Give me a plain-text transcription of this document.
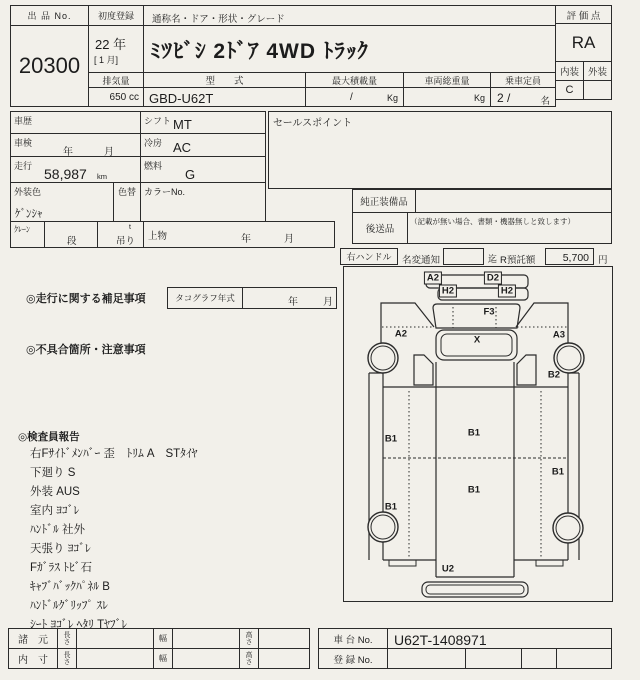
出 品 No.
20300
初度登録
22 年
[ 1 月]
通称名・ドア・形状・グレード
ﾐﾂﾋﾞｼ 2ﾄﾞｱ 4WD ﾄﾗｯｸ
評 価 点
RA
内装 外装
C
排気量
650 cc
型　　式
GBD-U62T
最大積載量
/	Kg
車両総重量
Kg
乗車定員
2 /	名
車歴	シフト MT
車検
年	月
冷房 AC
走行 58,987 km
燃料
G
外装色
ｹﾞﾝｼｬ
色替 カラーNo.
ｸﾚｰﾝ
段
t
吊り 上物	年	月
セールスポイント
純正装備品
後送品
（記載が無い場合、書類・機器無しと致します）
右ハンドル	名変通知	迄 R預託額	5,700 円
◎走行に関する補足事項	タコグラフ年式	年	月
◎不具合箇所・注意事項
◎検査員報告
右Fｻｲﾄﾞﾒﾝﾊﾞｰ 歪　ﾄﾘﾑ A　STﾀｲﾔ
下廻り S
外装 AUS
室内 ﾖｺﾞﾚ
ﾊﾝﾄﾞﾙ 社外
天張り ﾖｺﾞﾚ
Fｶﾞﾗｽ ﾄﾋﾞ石
ｷｬﾌﾞﾊﾞｯｸﾊﾟﾈﾙ B
ﾊﾝﾄﾞﾙｸﾞﾘｯﾌﾟ ｽﾚ
ｼｰﾄ ﾖｺﾞﾚ ﾍﾀﾘ Tﾔﾌﾞﾚ
A2	D2
H2	H2
F3
X
A2	A3
B2
B1
B1
B1
B1
B1
U2
諸　元	長さ	幅	高さ
内　寸	長さ	幅	高さ
車 台 No.	U62T-1408971
登 録 No.
